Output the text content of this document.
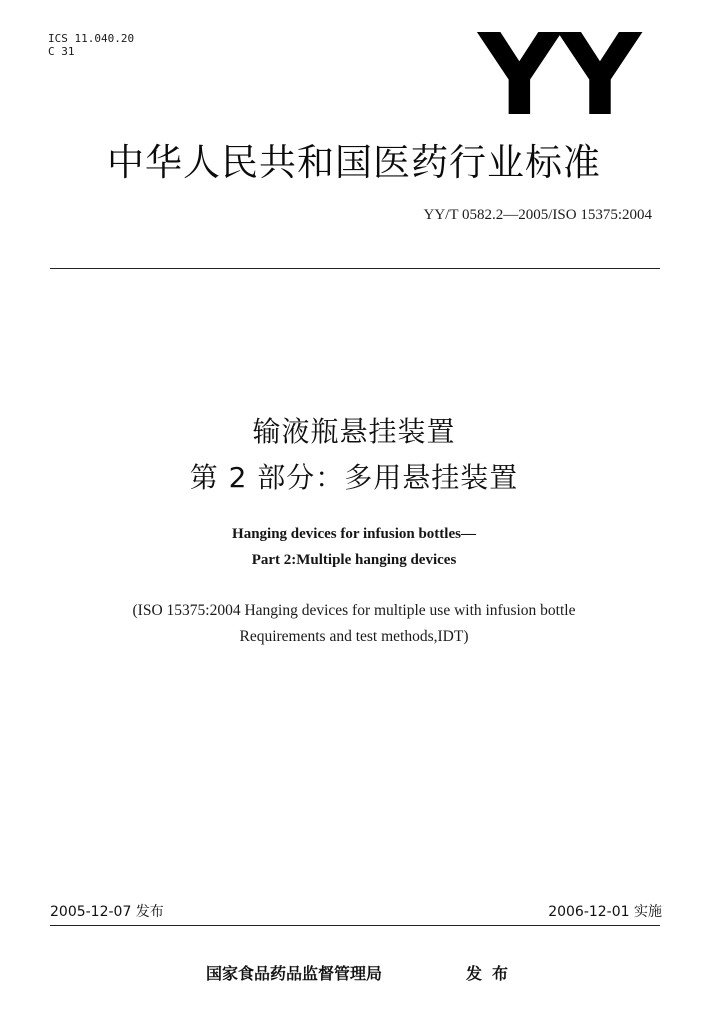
ICS 11.040.20
C 31	YY
中华人民共和国医药行业标准
YY/T 0582.2—2005/ISO 15375:2004
输液瓶悬挂装置
第 2 部分：多用悬挂装置
Hanging devices for infusion bottles—
Part 2:Multiple hanging devices
(ISO 15375:2004 Hanging devices for multiple use with infusion bottle
Requirements and test methods,IDT)
2005-12-07 发布	2006-12-01 实施
国家食品药品监督管理局	发布
